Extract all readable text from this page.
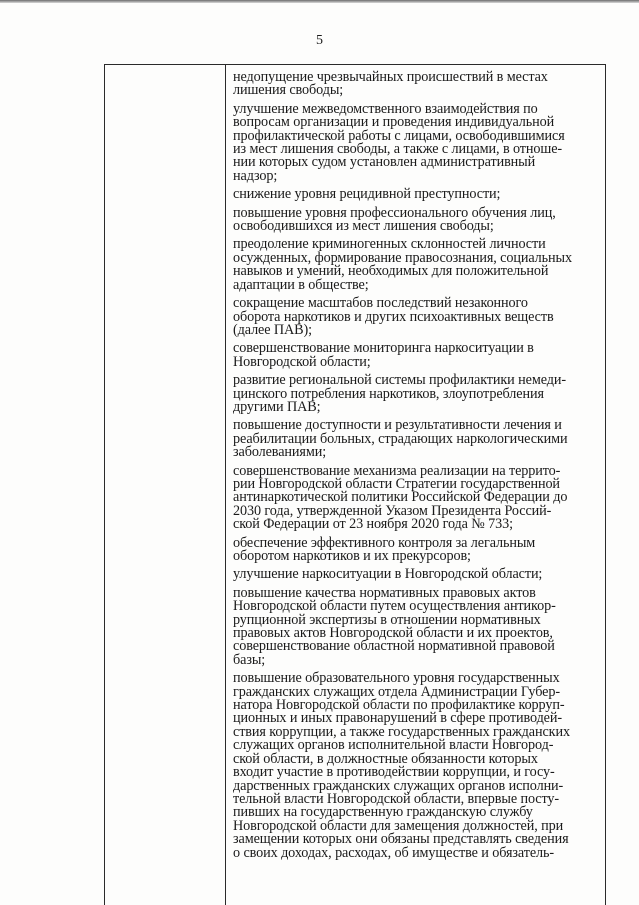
5

недопущение чрезвычайных происшествий в местах
лишения свободы;

улучшение межведомственного взаимодействия по
вопросам организации и проведения индивидуальной
профилактической работы с лицами, освободившимися
из мест лишения свободы, а также с лицами, в отноше-
нии которых судом установлен административный
надзор;

снижение уровня рецидивной преступности;

повышение уровня профессионального обучения лиц,
освободившихся из мест лишения свободы;

преодоление криминогенных склонностей личности
осужденных, формирование правосознания, социальных
навыков и умений, необходимых для положительной
адаптации в обществе;

сокращение масштабов последствий незаконного
оборота наркотиков и других психоактивных веществ
(далее ПАВ);

совершенствование мониторинга наркоситуации в
Новгородской области;

развитие региональной системы профилактики немеди-
цинского потребления наркотиков, злоупотребления
другими ПАВ;

повышение доступности и результативности лечения и
реабилитации больных, страдающих наркологическими
заболеваниями;

совершенствование механизма реализации на террито-
рии Новгородской области Стратегии государственной
антинаркотической политики Российской Федерации до
2030 года, утвержденной Указом Президента Россий-
ской Федерации от 23 ноября 2020 года № 733;

обеспечение эффективного контроля за легальным
оборотом наркотиков и их прекурсоров;

улучшение наркоситуации в Новгородской области;

повышение качества нормативных правовых актов
Новгородской области путем осуществления антикор-
рупционной экспертизы в отношении нормативных
правовых актов Новгородской области и их проектов,
совершенствование областной нормативной правовой
базы;

повышение образовательного уровня государственных
гражданских служащих отдела Администрации Губер-
натора Новгородской области по профилактике корруп-
ционных и иных правонарушений в сфере противодей-
ствия коррупции, а также государственных гражданских
служащих органов исполнительной власти Новгород-
ской области, в должностные обязанности которых
входит участие в противодействии коррупции, и госу-
дарственных гражданских служащих органов исполни-
тельной власти Новгородской области, впервые посту-
пивших на государственную гражданскую службу
Новгородской области для замещения должностей, при
замещении которых они обязаны представлять сведения
о своих доходах, расходах, об имуществе и обязатель-
